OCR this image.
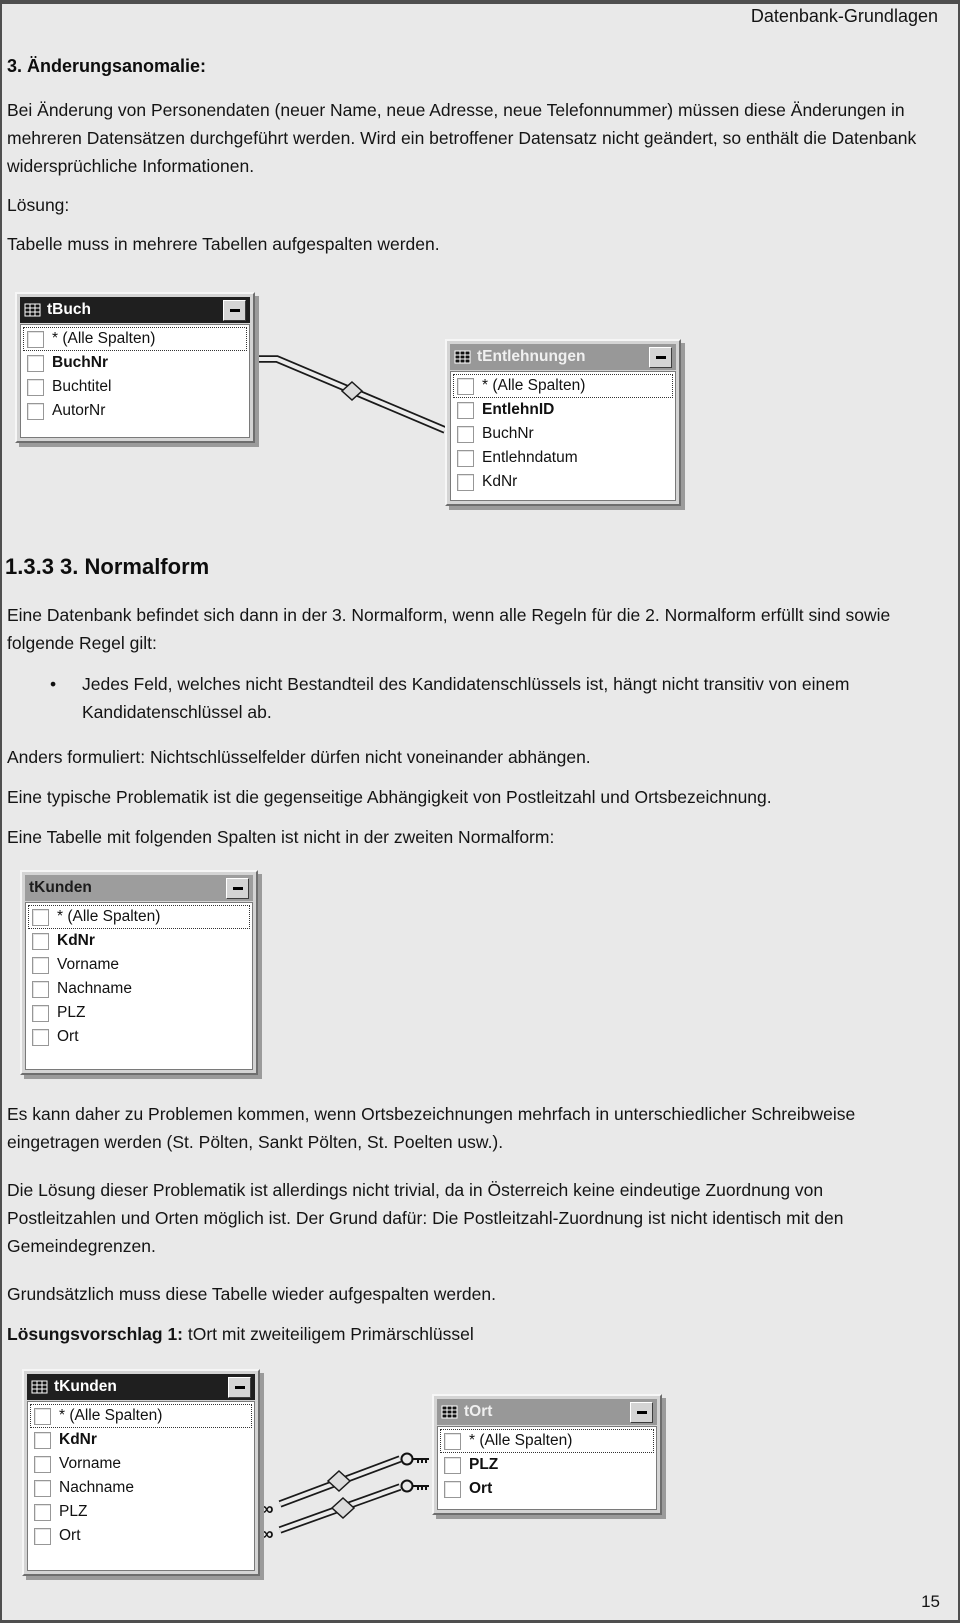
Datenbank-Grundlagen
3. Änderungsanomalie:
Bei Änderung von Personendaten (neuer Name, neue Adresse, neue Telefonnummer) müssen diese Änderungen in mehreren Datensätzen durchgeführt werden. Wird ein betroffener Datensatz nicht geändert, so enthält die Datenbank widersprüchliche Informationen.
Lösung:
Tabelle muss in mehrere Tabellen aufgespalten werden.
tBuch
* (Alle Spalten)
BuchNr
Buchtitel
AutorNr
tEntlehnungen
* (Alle Spalten)
EntlehnID
BuchNr
Entlehndatum
KdNr
1.3.3 3. Normalform
Eine Datenbank befindet sich dann in der 3. Normalform, wenn alle Regeln für die 2. Normalform erfüllt sind sowie folgende Regel gilt:
• Jedes Feld, welches nicht Bestandteil des Kandidatenschlüssels ist, hängt nicht transitiv von einem Kandidatenschlüssel ab.
Anders formuliert: Nichtschlüsselfelder dürfen nicht voneinander abhängen.
Eine typische Problematik ist die gegenseitige Abhängigkeit von Postleitzahl und Ortsbezeichnung.
Eine Tabelle mit folgenden Spalten ist nicht in der zweiten Normalform:
tKunden
* (Alle Spalten)
KdNr
Vorname
Nachname
PLZ
Ort
Es kann daher zu Problemen kommen, wenn Ortsbezeichnungen mehrfach in unterschiedlicher Schreibweise eingetragen werden (St. Pölten, Sankt Pölten, St. Poelten usw.).
Die Lösung dieser Problematik ist allerdings nicht trivial, da in Österreich keine eindeutige Zuordnung von Postleitzahlen und Orten möglich ist. Der Grund dafür: Die Postleitzahl-Zuordnung ist nicht identisch mit den Gemeindegrenzen.
Grundsätzlich muss diese Tabelle wieder aufgespalten werden.
Lösungsvorschlag 1: tOrt mit zweiteiligem Primärschlüssel
∞
∞
tKunden
* (Alle Spalten)
KdNr
Vorname
Nachname
PLZ
Ort
tOrt
* (Alle Spalten)
PLZ
Ort
15
